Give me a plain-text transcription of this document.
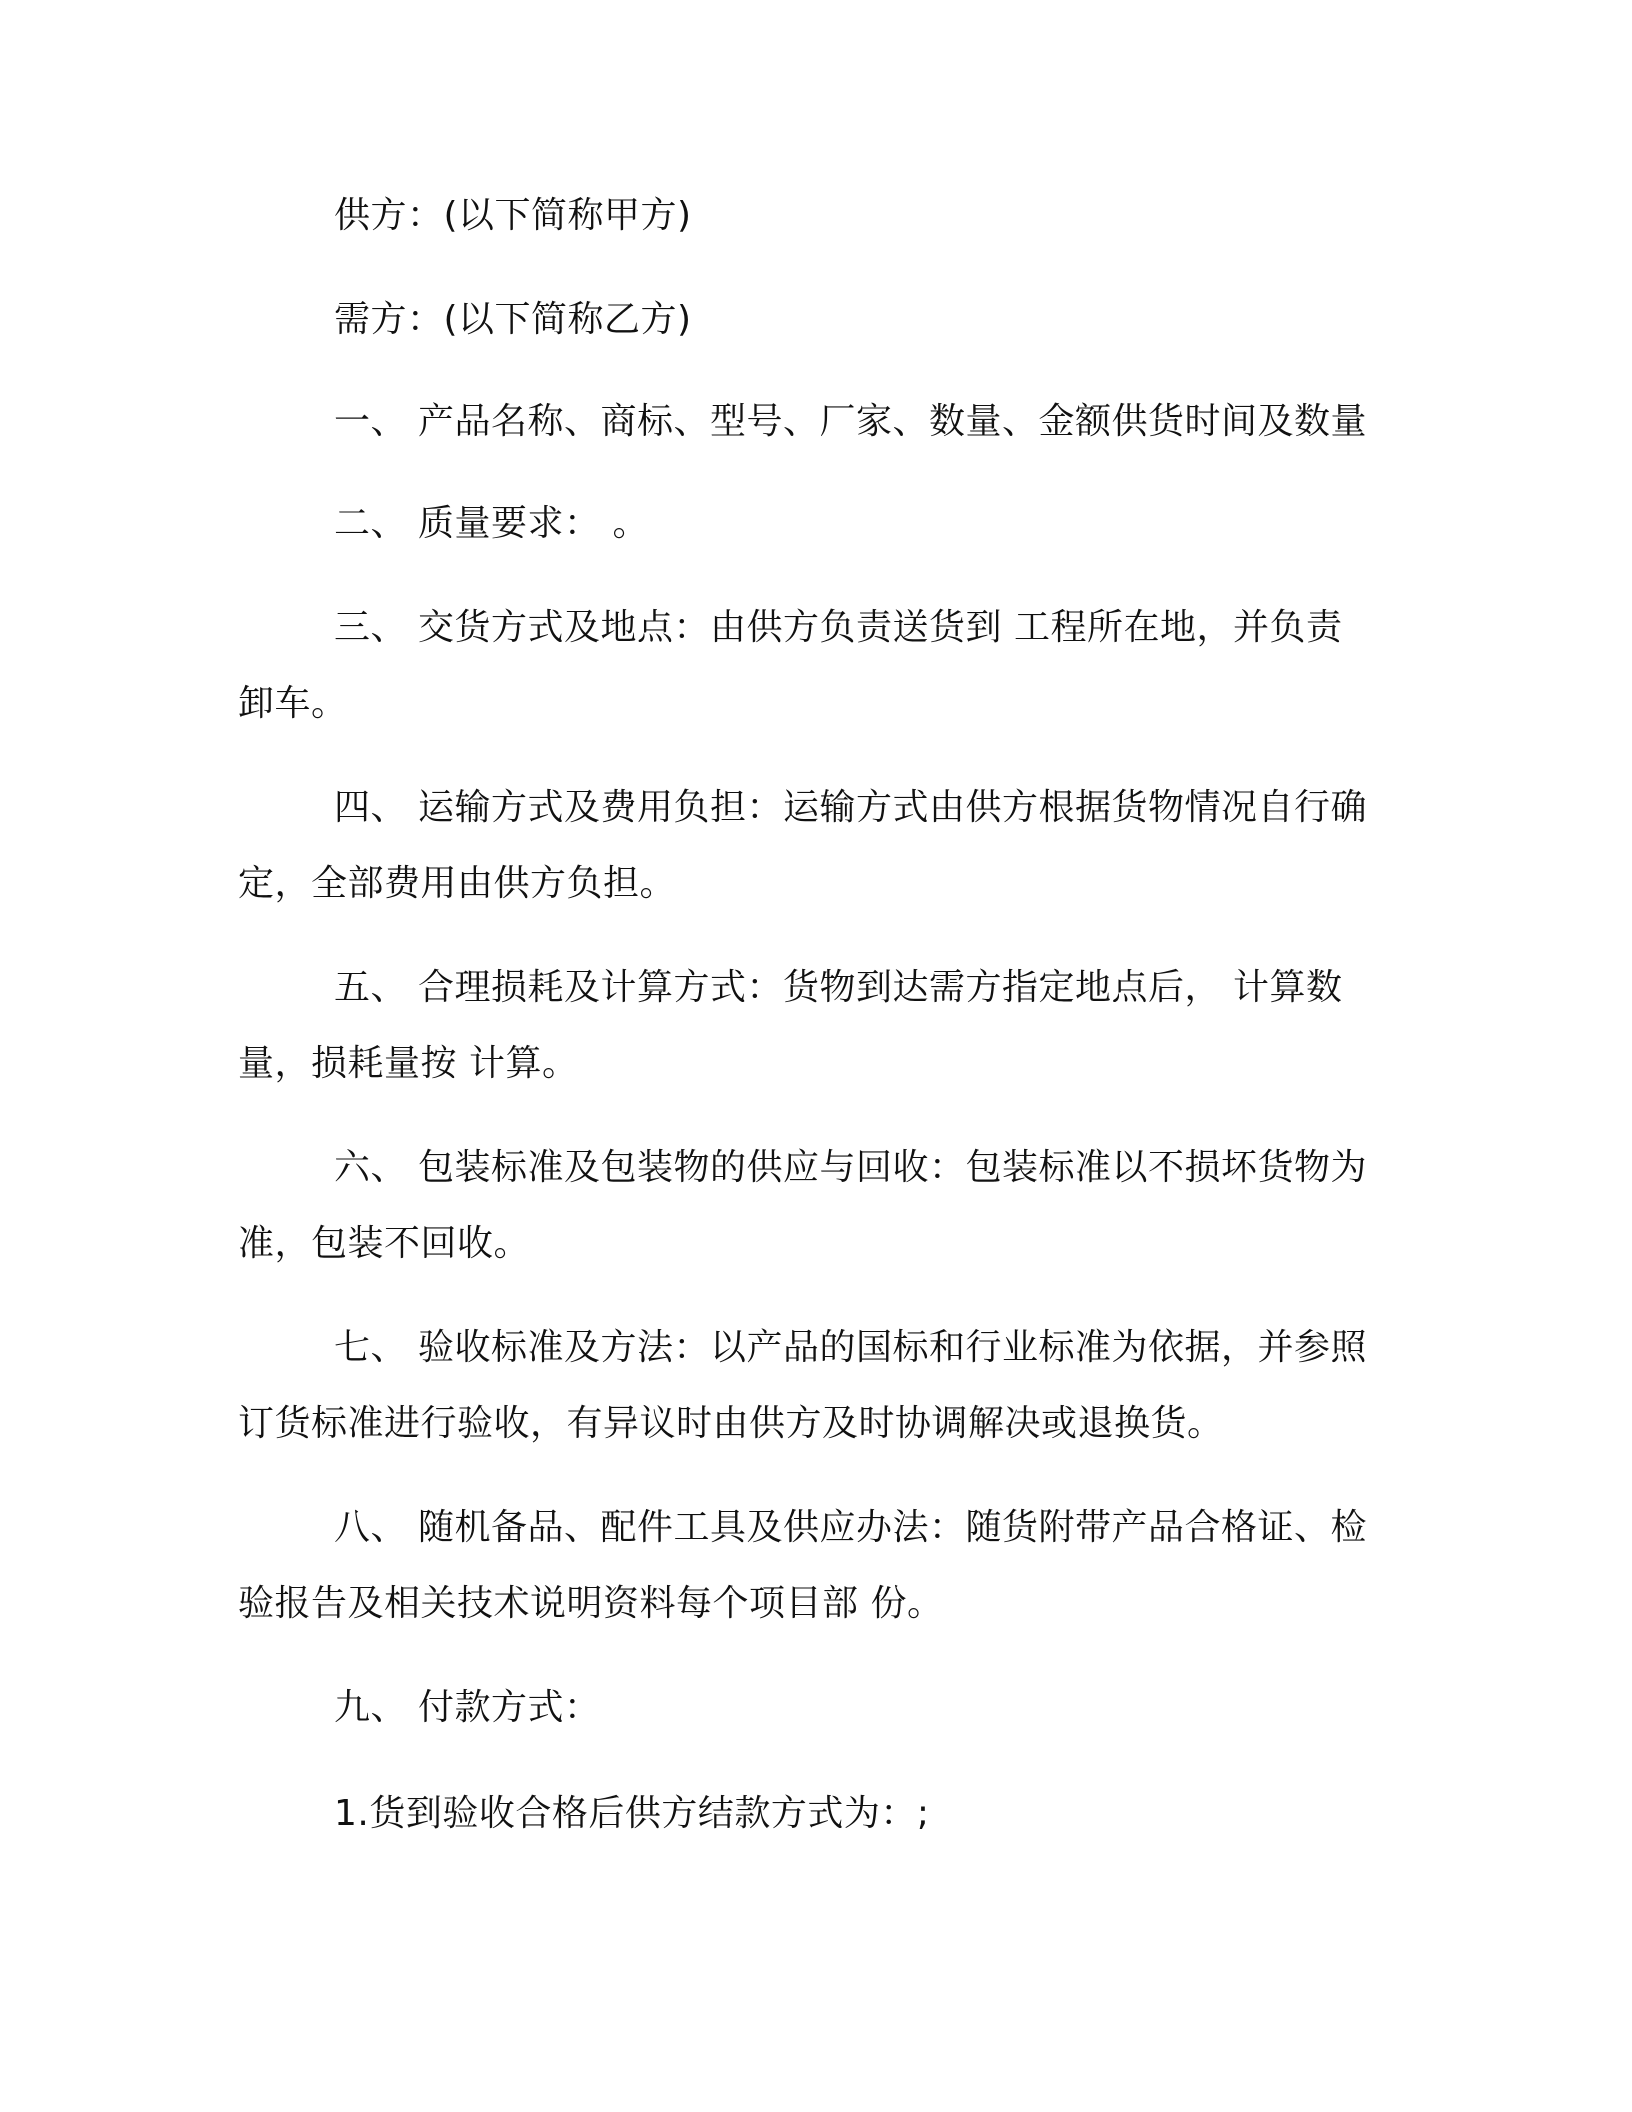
供方：(以下简称甲方)
需方：(以下简称乙方)
一、 产品名称、商标、型号、厂家、数量、金额供货时间及数量
二、 质量要求： 。
三、 交货方式及地点：由供方负责送货到 工程所在地，并负责
卸车。
四、 运输方式及费用负担：运输方式由供方根据货物情况自行确
定，全部费用由供方负担。
五、 合理损耗及计算方式：货物到达需方指定地点后， 计算数
量，损耗量按 计算。
六、 包装标准及包装物的供应与回收：包装标准以不损坏货物为
准，包装不回收。
七、 验收标准及方法：以产品的国标和行业标准为依据，并参照
订货标准进行验收，有异议时由供方及时协调解决或退换货。
八、 随机备品、配件工具及供应办法：随货附带产品合格证、检
验报告及相关技术说明资料每个项目部 份。
九、 付款方式：
1.货到验收合格后供方结款方式为：;
